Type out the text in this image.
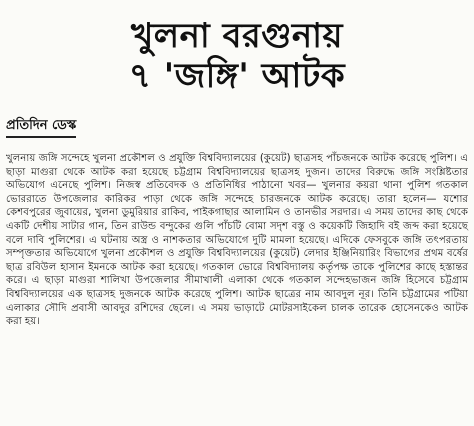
খুলনা বরগুনায়
৭ 'জঙ্গি' আটক
প্রতিদিন ডেস্ক

খুলনায় জঙ্গি সন্দেহে খুলনা প্রকৌশল ও প্রযুক্তি বিশ্ববিদ্যালয়ের (কুয়েট) ছাত্রসহ পাঁচজনকে আটক করেছে পুলিশ। এ ছাড়া মাগুরা থেকে আটক করা হয়েছে চট্টগ্রাম বিশ্ববিদ্যালয়ের ছাত্রসহ দুজন। তাদের বিরুদ্ধে জঙ্গি সংশ্লিষ্টতার অভিযোগ এনেছে পুলিশ। নিজস্ব প্রতিবেদক ও প্রতিনিধির পাঠানো খবর— খুলনার কয়রা থানা পুলিশ গতকাল ভোররাতে উপজেলার কারিকর পাড়া থেকে জঙ্গি সন্দেহে চারজনকে আটক করেছে। তারা হলেন— যশোর কেশবপুরের জুবায়ের, খুলনা ডুমুরিয়ার রাকিব, পাইকগাছার আলামিন ও তানভীর সরদার। এ সময় তাদের কাছ থেকে একটি দেশীয় সাটার গান, তিন রাউন্ড বন্দুকের গুলি পাঁচটি বোমা সদৃশ বস্তু ও কয়েকটি জিহাদি বই জব্দ করা হয়েছে বলে দাবি পুলিশের। এ ঘটনায় অস্ত্র ও নাশকতার অভিযোগে দুটি মামলা হয়েছে। এদিকে ফেসবুকে জঙ্গি তৎপরতায় সম্পৃক্ততার অভিযোগে খুলনা প্রকৌশল ও প্রযুক্তি বিশ্ববিদ্যালয়ের (কুয়েট) লেদার ইঞ্জিনিয়ারিং বিভাগের প্রথম বর্ষের ছাত্র রবিউল হাসান ইমনকে আটক করা হয়েছে। গতকাল ভোরে বিশ্ববিদ্যালয় কর্তৃপক্ষ তাকে পুলিশের কাছে হস্তান্তর করে। এ ছাড়া মাগুরা শালিখা উপজেলার সীমাখালী এলাকা থেকে গতকাল সন্দেহভাজন জঙ্গি হিসেবে চট্টগ্রাম বিশ্ববিদ্যালয়ের এক ছাত্রসহ দুজনকে আটক করেছে পুলিশ। আটক ছাত্রের নাম আবদুল নূর। তিনি চট্টগ্রামের পটিয়া এলাকার সৌদি প্রবাসী আবদুর রশিদের ছেলে। এ সময় ভাড়াটে মোটরসাইকেল চালক তারেক হোসেনকেও আটক করা হয়।
